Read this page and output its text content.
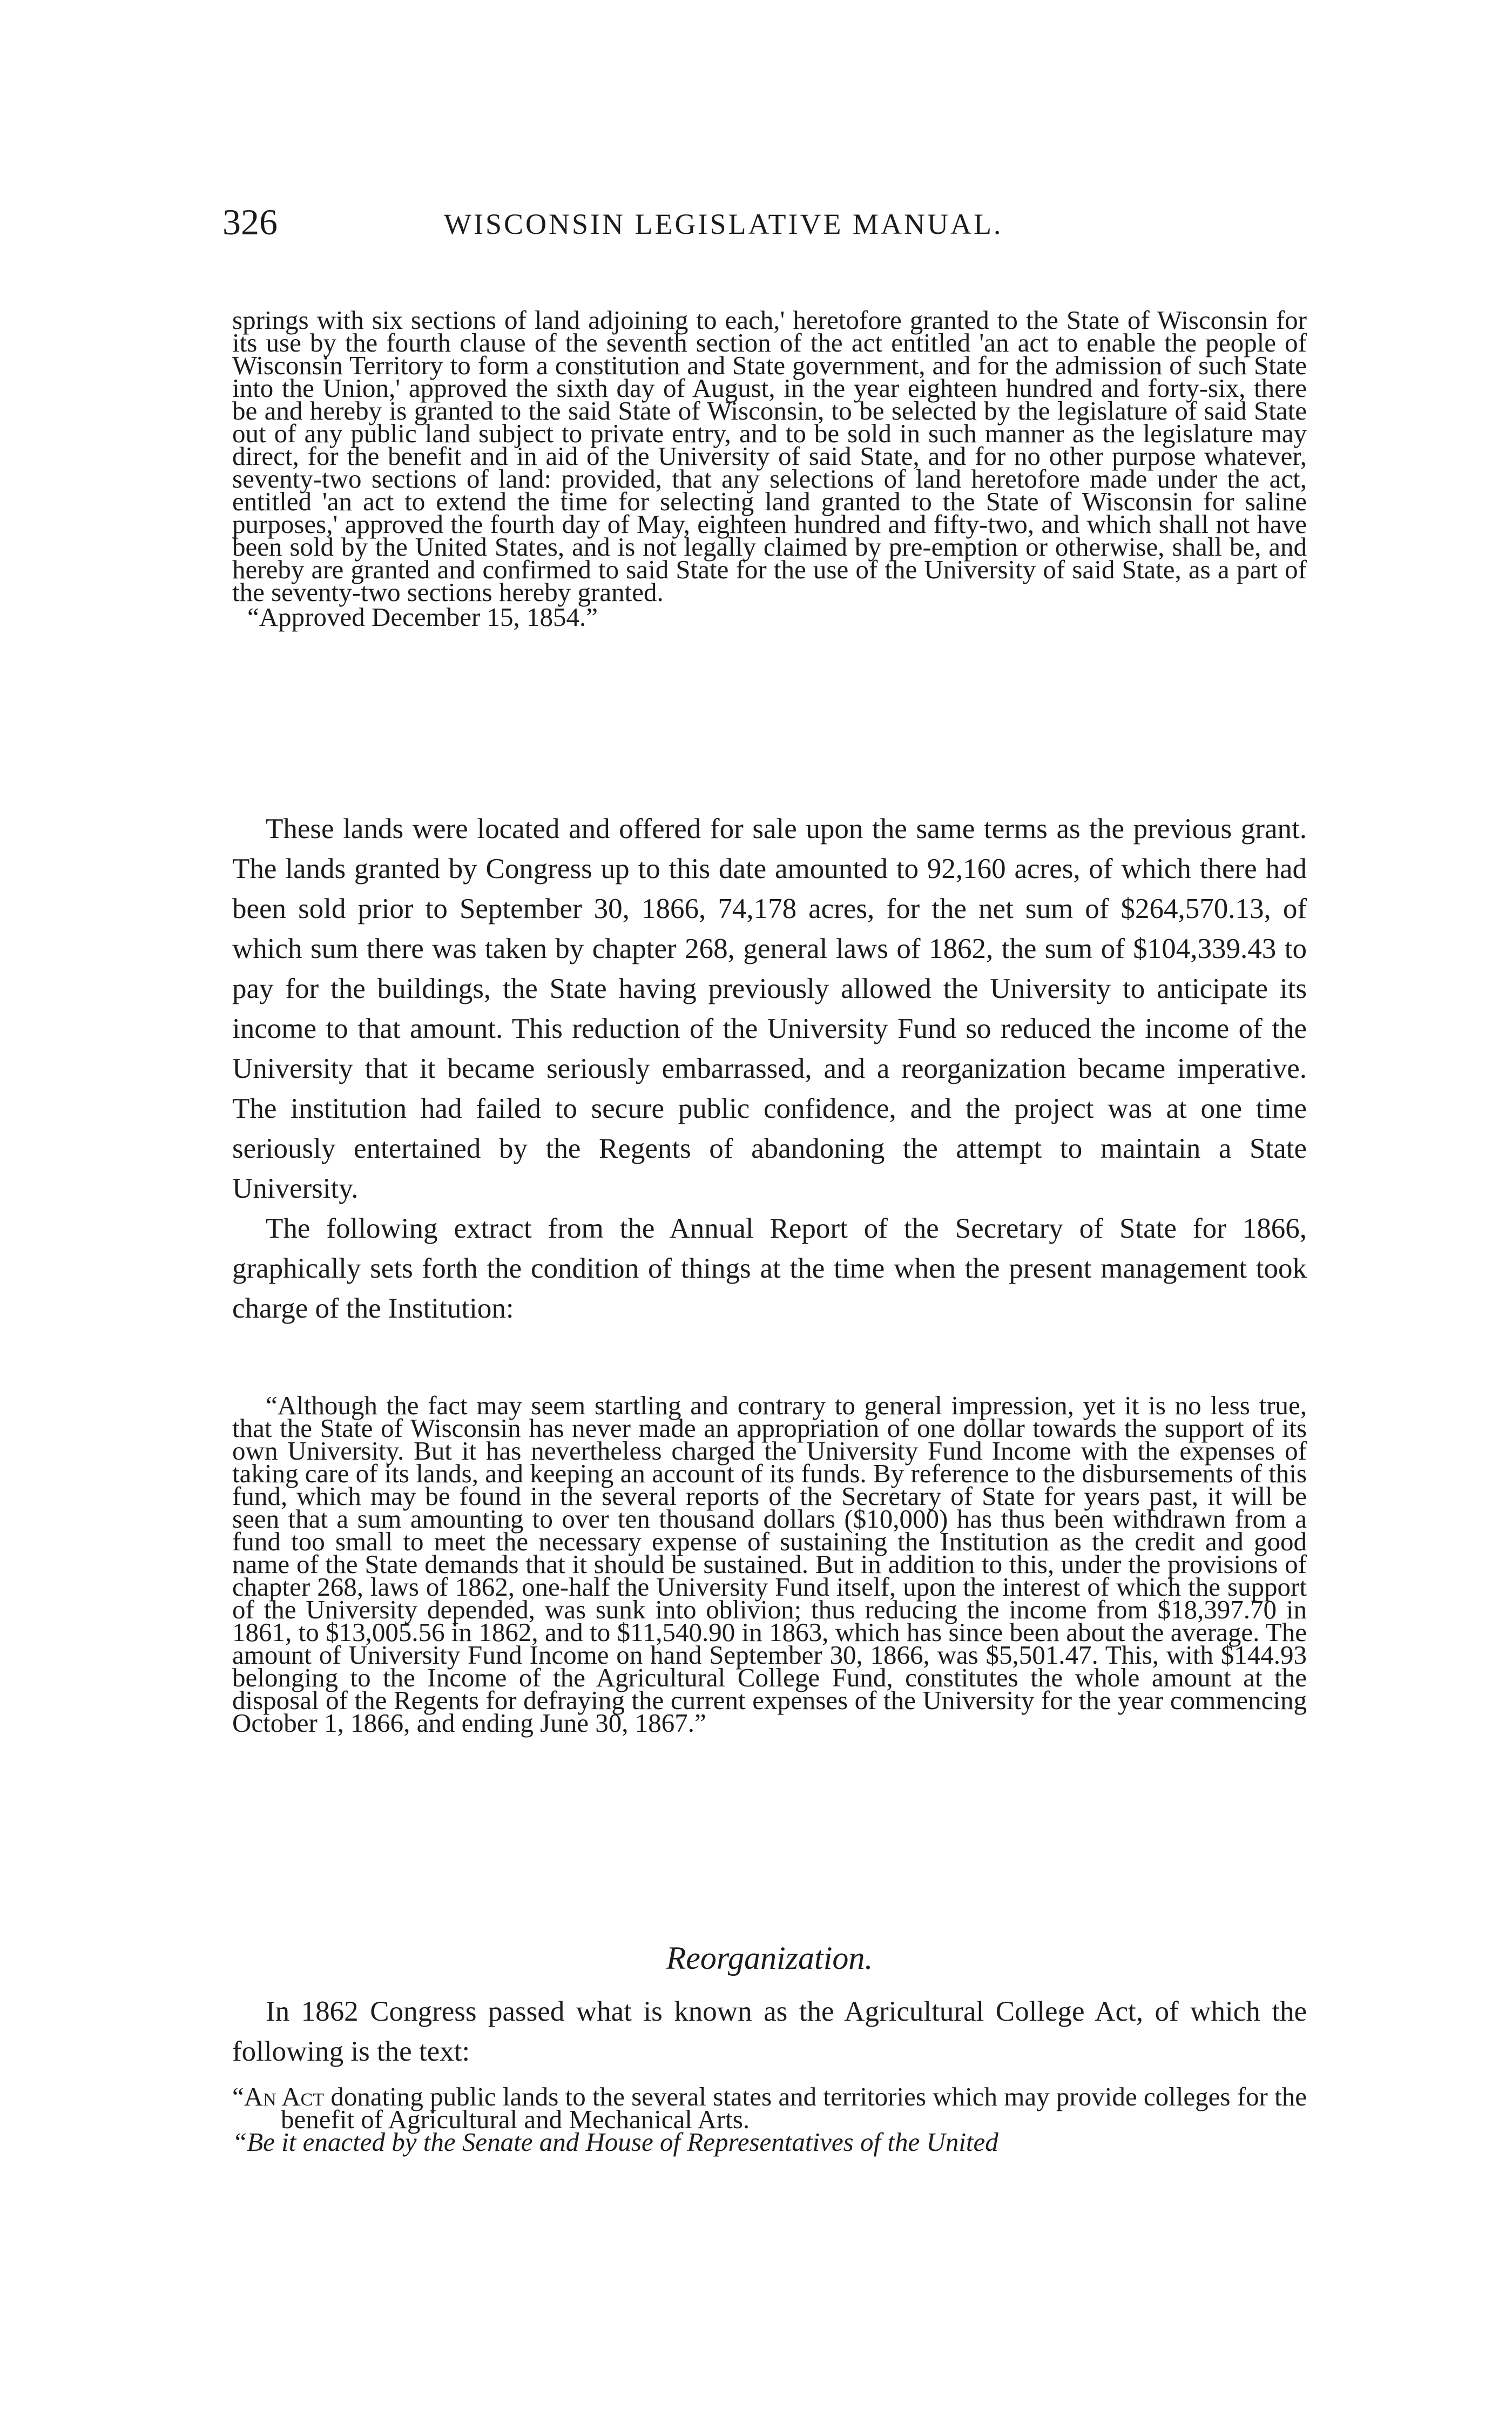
326	WISCONSIN LEGISLATIVE MANUAL.

springs with six sections of land adjoining to each,' heretofore granted to the State of Wisconsin for its use by the fourth clause of the seventh section of the act entitled 'an act to enable the people of Wisconsin Territory to form a constitution and State government, and for the admission of such State into the Union,' approved the sixth day of August, in the year eighteen hundred and forty-six, there be and hereby is granted to the said State of Wisconsin, to be selected by the legislature of said State out of any public land subject to private entry, and to be sold in such manner as the legislature may direct, for the benefit and in aid of the University of said State, and for no other purpose whatever, seventy-two sections of land: provided, that any selections of land heretofore made under the act, entitled 'an act to extend the time for selecting land granted to the State of Wisconsin for saline purposes,' approved the fourth day of May, eighteen hundred and fifty-two, and which shall not have been sold by the United States, and is not legally claimed by pre-emption or otherwise, shall be, and hereby are granted and confirmed to said State for the use of the University of said State, as a part of the seventy-two sections hereby granted.

“Approved December 15, 1854.”

These lands were located and offered for sale upon the same terms as the previous grant. The lands granted by Congress up to this date amounted to 92,160 acres, of which there had been sold prior to September 30, 1866, 74,178 acres, for the net sum of $264,570.13, of which sum there was taken by chapter 268, general laws of 1862, the sum of $104,339.43 to pay for the buildings, the State having previously allowed the University to anticipate its income to that amount. This reduction of the University Fund so reduced the income of the University that it became seriously embarrassed, and a reorganization became imperative. The institution had failed to secure public confidence, and the project was at one time seriously entertained by the Regents of abandoning the attempt to maintain a State University.

The following extract from the Annual Report of the Secretary of State for 1866, graphically sets forth the condition of things at the time when the present management took charge of the Institution:

“Although the fact may seem startling and contrary to general impression, yet it is no less true, that the State of Wisconsin has never made an appropriation of one dollar towards the support of its own University. But it has nevertheless charged the University Fund Income with the expenses of taking care of its lands, and keeping an account of its funds. By reference to the disbursements of this fund, which may be found in the several reports of the Secretary of State for years past, it will be seen that a sum amounting to over ten thousand dollars ($10,000) has thus been withdrawn from a fund too small to meet the necessary expense of sustaining the Institution as the credit and good name of the State demands that it should be sustained. But in addition to this, under the provisions of chapter 268, laws of 1862, one-half the University Fund itself, upon the interest of which the support of the University depended, was sunk into oblivion; thus reducing the income from $18,397.70 in 1861, to $13,005.56 in 1862, and to $11,540.90 in 1863, which has since been about the average. The amount of University Fund Income on hand September 30, 1866, was $5,501.47. This, with $144.93 belonging to the Income of the Agricultural College Fund, constitutes the whole amount at the disposal of the Regents for defraying the current expenses of the University for the year commencing October 1, 1866, and ending June 30, 1867.”

Reorganization.

In 1862 Congress passed what is known as the Agricultural College Act, of which the following is the text:

“An Act donating public lands to the several states and territories which may provide colleges for the benefit of Agricultural and Mechanical Arts.

“Be it enacted by the Senate and House of Representatives of the United
